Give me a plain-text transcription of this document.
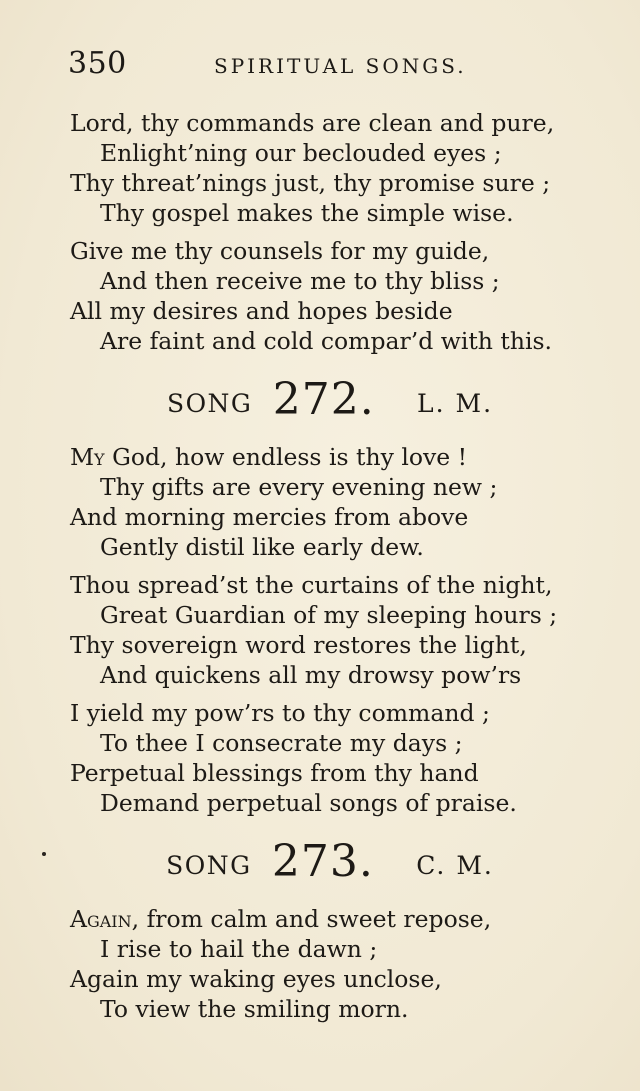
350	SPIRITUAL SONGS.
Lord, thy commands are clean and pure,
Enlight’ning our beclouded eyes ;
Thy threat’nings just, thy promise sure ;
Thy gospel makes the simple wise.
Give me thy counsels for my guide,
And then receive me to thy bliss ;
All my desires and hopes beside
Are faint and cold compar’d with this.
SONG 272. L. M.
My God, how endless is thy love !
Thy gifts are every evening new ;
And morning mercies from above
Gently distil like early dew.
Thou spread’st the curtains of the night,
Great Guardian of my sleeping hours ;
Thy sovereign word restores the light,
And quickens all my drowsy pow’rs
I yield my pow’rs to thy command ;
To thee I consecrate my days ;
Perpetual blessings from thy hand
Demand perpetual songs of praise.
SONG 273. C. M.
Again, from calm and sweet repose,
I rise to hail the dawn ;
Again my waking eyes unclose,
To view the smiling morn.
